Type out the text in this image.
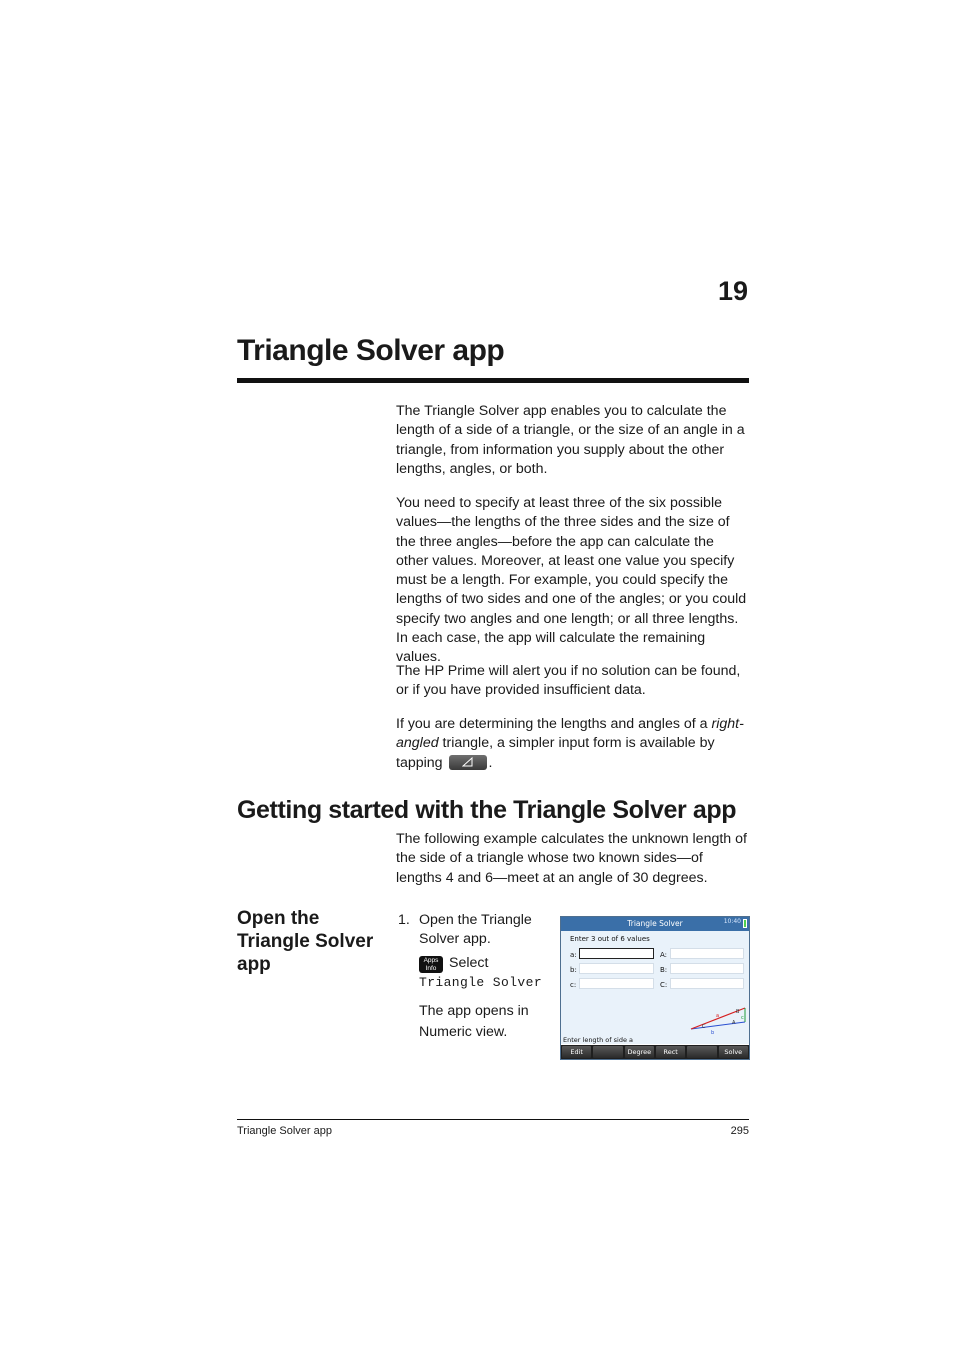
19
Triangle Solver app
The Triangle Solver app enables you to calculate the length of a side of a triangle, or the size of an angle in a triangle, from information you supply about the other lengths, angles, or both.
You need to specify at least three of the six possible values—the lengths of the three sides and the size of the three angles—before the app can calculate the other values. Moreover, at least one value you specify must be a length. For example, you could specify the lengths of two sides and one of the angles; or you could specify two angles and one length; or all three lengths. In each case, the app will calculate the remaining values.
The HP Prime will alert you if no solution can be found, or if you have provided insufficient data.
If you are determining the lengths and angles of a right-angled triangle, a simpler input form is available by tapping	.
Getting started with the Triangle Solver app
The following example calculates the unknown length of the side of a triangle whose two known sides—of lengths 4 and 6—meet at an angle of 30 degrees.
Open the Triangle Solver app
1. Open the Triangle Solver app.
Apps
Info Select
Triangle Solver
The app opens in Numeric view.
Triangle Solver	10:40
Enter 3 out of 6 values
a:	A:
b:	B:
c:	C:
a
b
c
B
A
C
Enter length of side a
Edit	Degree	Rect	Solve
Triangle Solver app	295
